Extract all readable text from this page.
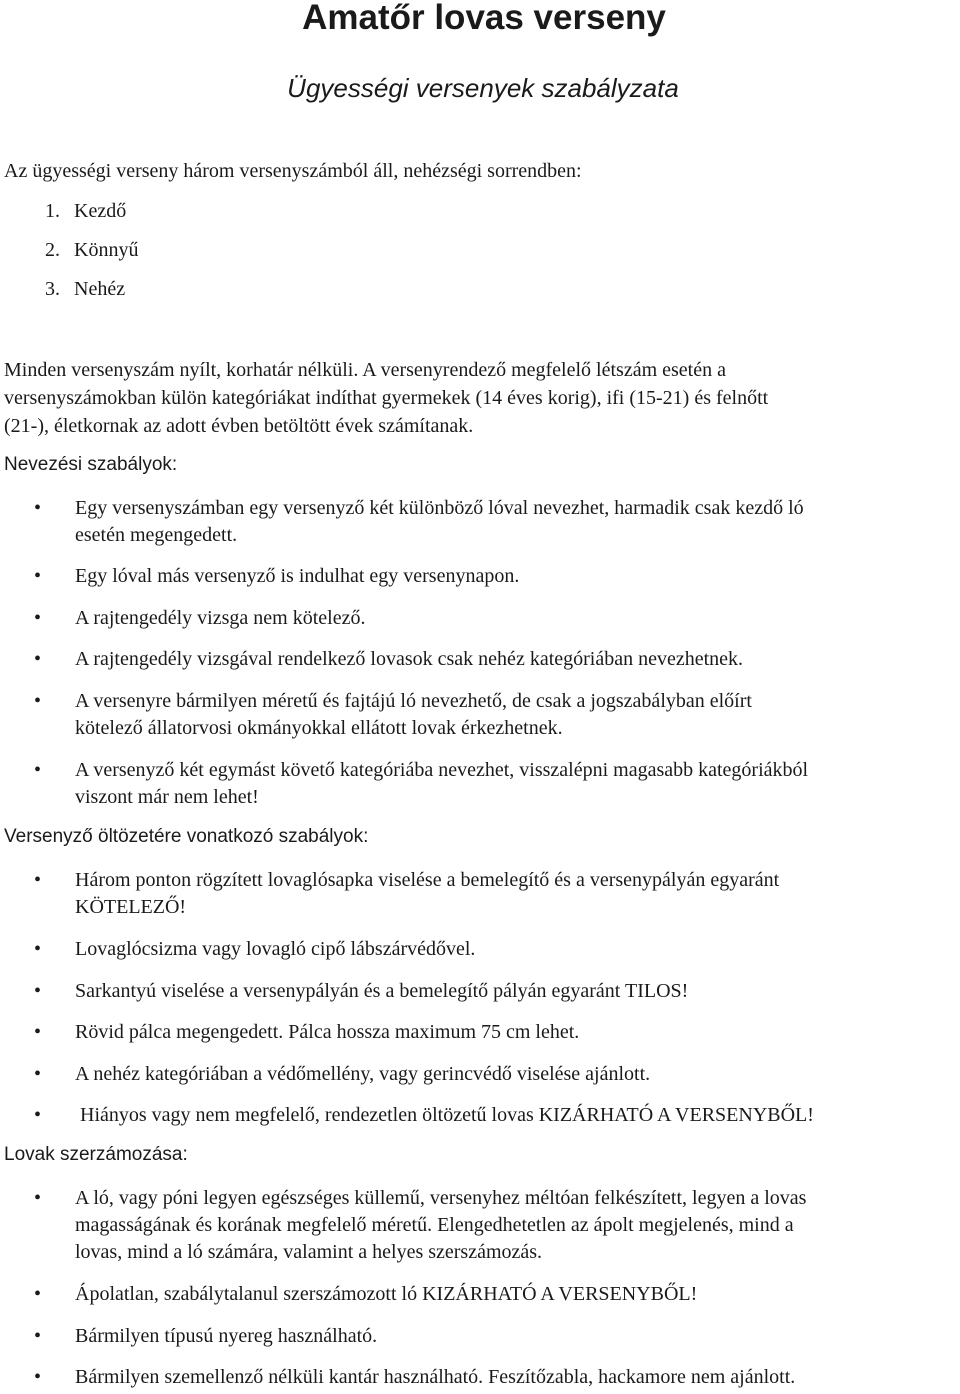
Amatőr lovas verseny
Ügyességi versenyek szabályzata
Az ügyességi verseny három versenyszámból áll, nehézségi sorrendben:
1. Kezdő
2. Könnyű
3. Nehéz
Minden versenyszám nyílt, korhatár nélküli. A versenyrendező megfelelő létszám esetén a
versenyszámokban külön kategóriákat indíthat gyermekek (14 éves korig), ifi (15-21) és felnőtt
(21-), életkornak az adott évben betöltött évek számítanak.
Nevezési szabályok:
• Egy versenyszámban egy versenyző két különböző lóval nevezhet, harmadik csak kezdő ló
esetén megengedett.
• Egy lóval más versenyző is indulhat egy versenynapon.
• A rajtengedély vizsga nem kötelező.
• A rajtengedély vizsgával rendelkező lovasok csak nehéz kategóriában nevezhetnek.
• A versenyre bármilyen méretű és fajtájú ló nevezhető, de csak a jogszabályban előírt
kötelező állatorvosi okmányokkal ellátott lovak érkezhetnek.
• A versenyző két egymást követő kategóriába nevezhet, visszalépni magasabb kategóriákból
viszont már nem lehet!
Versenyző öltözetére vonatkozó szabályok:
• Három ponton rögzített lovaglósapka viselése a bemelegítő és a versenypályán egyaránt
KÖTELEZŐ!
• Lovaglócsizma vagy lovagló cipő lábszárvédővel.
• Sarkantyú viselése a versenypályán és a bemelegítő pályán egyaránt TILOS!
• Rövid pálca megengedett. Pálca hossza maximum 75 cm lehet.
• A nehéz kategóriában a védőmellény, vagy gerincvédő viselése ajánlott.
• Hiányos vagy nem megfelelő, rendezetlen öltözetű lovas KIZÁRHATÓ A VERSENYBŐL!
Lovak szerzámozása:
• A ló, vagy póni legyen egészséges küllemű, versenyhez méltóan felkészített, legyen a lovas
magasságának és korának megfelelő méretű. Elengedhetetlen az ápolt megjelenés, mind a
lovas, mind a ló számára, valamint a helyes szerszámozás.
• Ápolatlan, szabálytalanul szerszámozott ló KIZÁRHATÓ A VERSENYBŐL!
• Bármilyen típusú nyereg használható.
• Bármilyen szemellenző nélküli kantár használható. Feszítőzabla, hackamore nem ajánlott.
